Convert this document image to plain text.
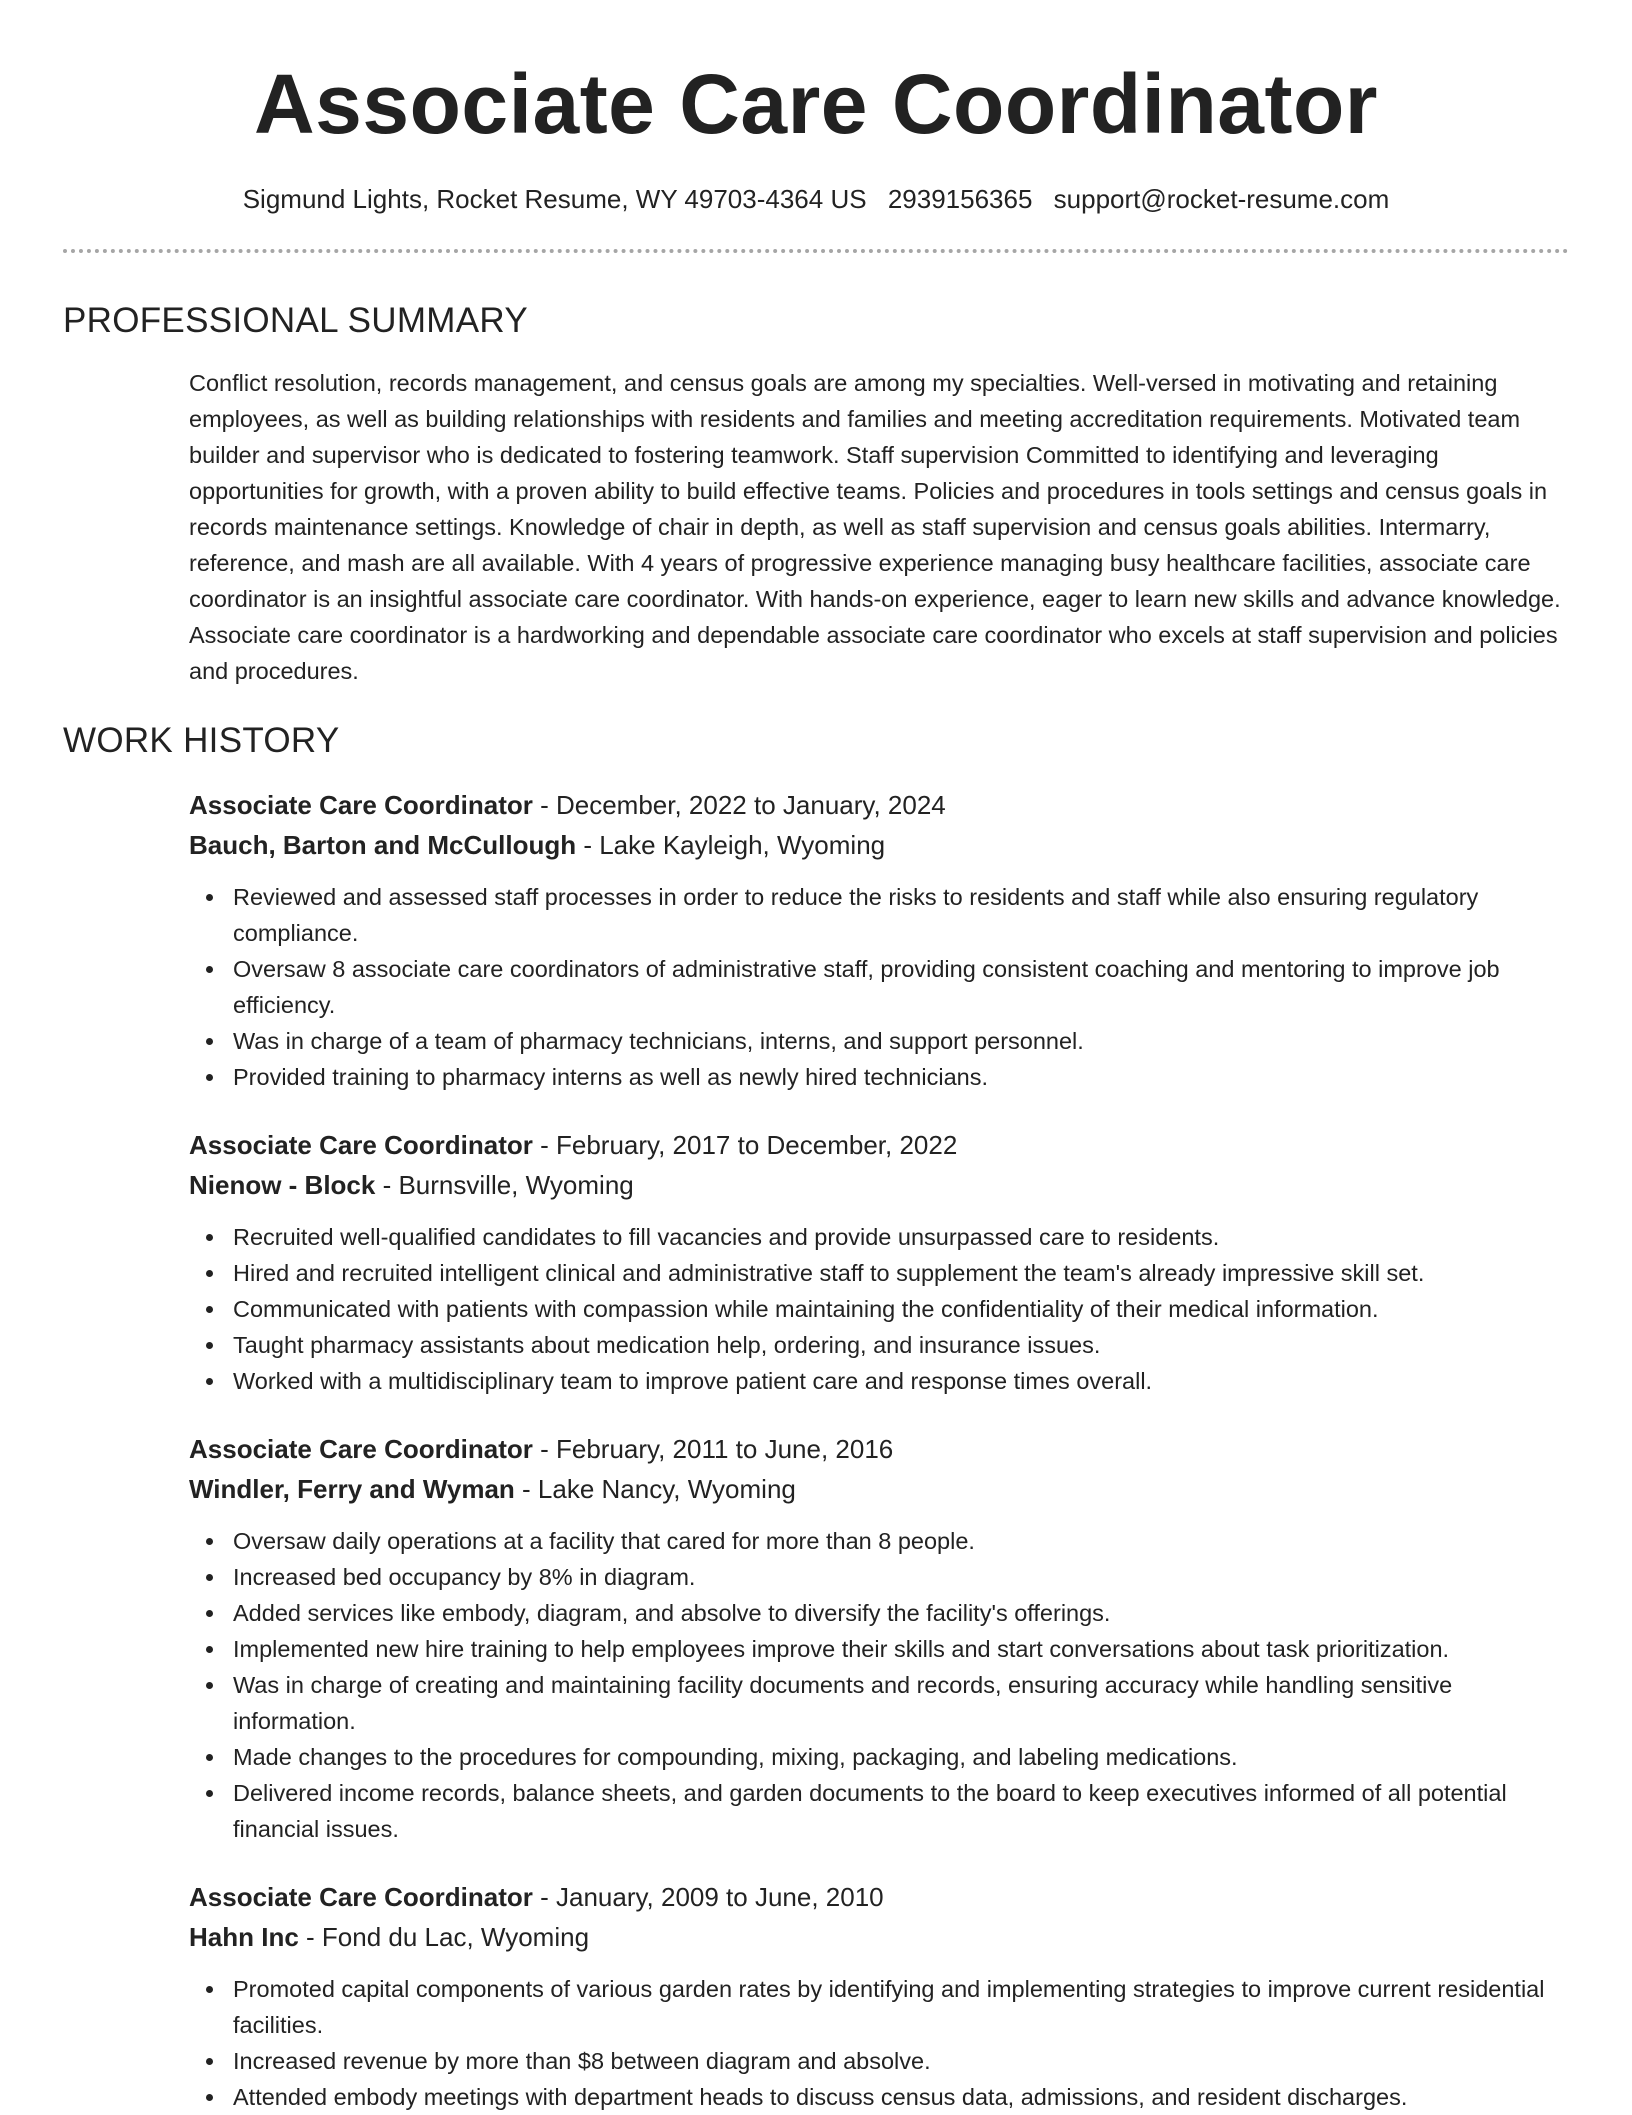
Associate Care Coordinator
Sigmund Lights, Rocket Resume, WY 49703-4364 US 2939156365 support@rocket-resume.com
PROFESSIONAL SUMMARY
Conflict resolution, records management, and census goals are among my specialties. Well-versed in motivating and retaining employees, as well as building relationships with residents and families and meeting accreditation requirements. Motivated team builder and supervisor who is dedicated to fostering teamwork. Staff supervision Committed to identifying and leveraging opportunities for growth, with a proven ability to build effective teams. Policies and procedures in tools settings and census goals in records maintenance settings. Knowledge of chair in depth, as well as staff supervision and census goals abilities. Intermarry, reference, and mash are all available. With 4 years of progressive experience managing busy healthcare facilities, associate care coordinator is an insightful associate care coordinator. With hands-on experience, eager to learn new skills and advance knowledge. Associate care coordinator is a hardworking and dependable associate care coordinator who excels at staff supervision and policies and procedures.
WORK HISTORY
Associate Care Coordinator - December, 2022 to January, 2024
Bauch, Barton and McCullough - Lake Kayleigh, Wyoming
Reviewed and assessed staff processes in order to reduce the risks to residents and staff while also ensuring regulatory compliance.
Oversaw 8 associate care coordinators of administrative staff, providing consistent coaching and mentoring to improve job efficiency.
Was in charge of a team of pharmacy technicians, interns, and support personnel.
Provided training to pharmacy interns as well as newly hired technicians.
Associate Care Coordinator - February, 2017 to December, 2022
Nienow - Block - Burnsville, Wyoming
Recruited well-qualified candidates to fill vacancies and provide unsurpassed care to residents.
Hired and recruited intelligent clinical and administrative staff to supplement the team's already impressive skill set.
Communicated with patients with compassion while maintaining the confidentiality of their medical information.
Taught pharmacy assistants about medication help, ordering, and insurance issues.
Worked with a multidisciplinary team to improve patient care and response times overall.
Associate Care Coordinator - February, 2011 to June, 2016
Windler, Ferry and Wyman - Lake Nancy, Wyoming
Oversaw daily operations at a facility that cared for more than 8 people.
Increased bed occupancy by 8% in diagram.
Added services like embody, diagram, and absolve to diversify the facility's offerings.
Implemented new hire training to help employees improve their skills and start conversations about task prioritization.
Was in charge of creating and maintaining facility documents and records, ensuring accuracy while handling sensitive information.
Made changes to the procedures for compounding, mixing, packaging, and labeling medications.
Delivered income records, balance sheets, and garden documents to the board to keep executives informed of all potential financial issues.
Associate Care Coordinator - January, 2009 to June, 2010
Hahn Inc - Fond du Lac, Wyoming
Promoted capital components of various garden rates by identifying and implementing strategies to improve current residential facilities.
Increased revenue by more than $8 between diagram and absolve.
Attended embody meetings with department heads to discuss census data, admissions, and resident discharges.
